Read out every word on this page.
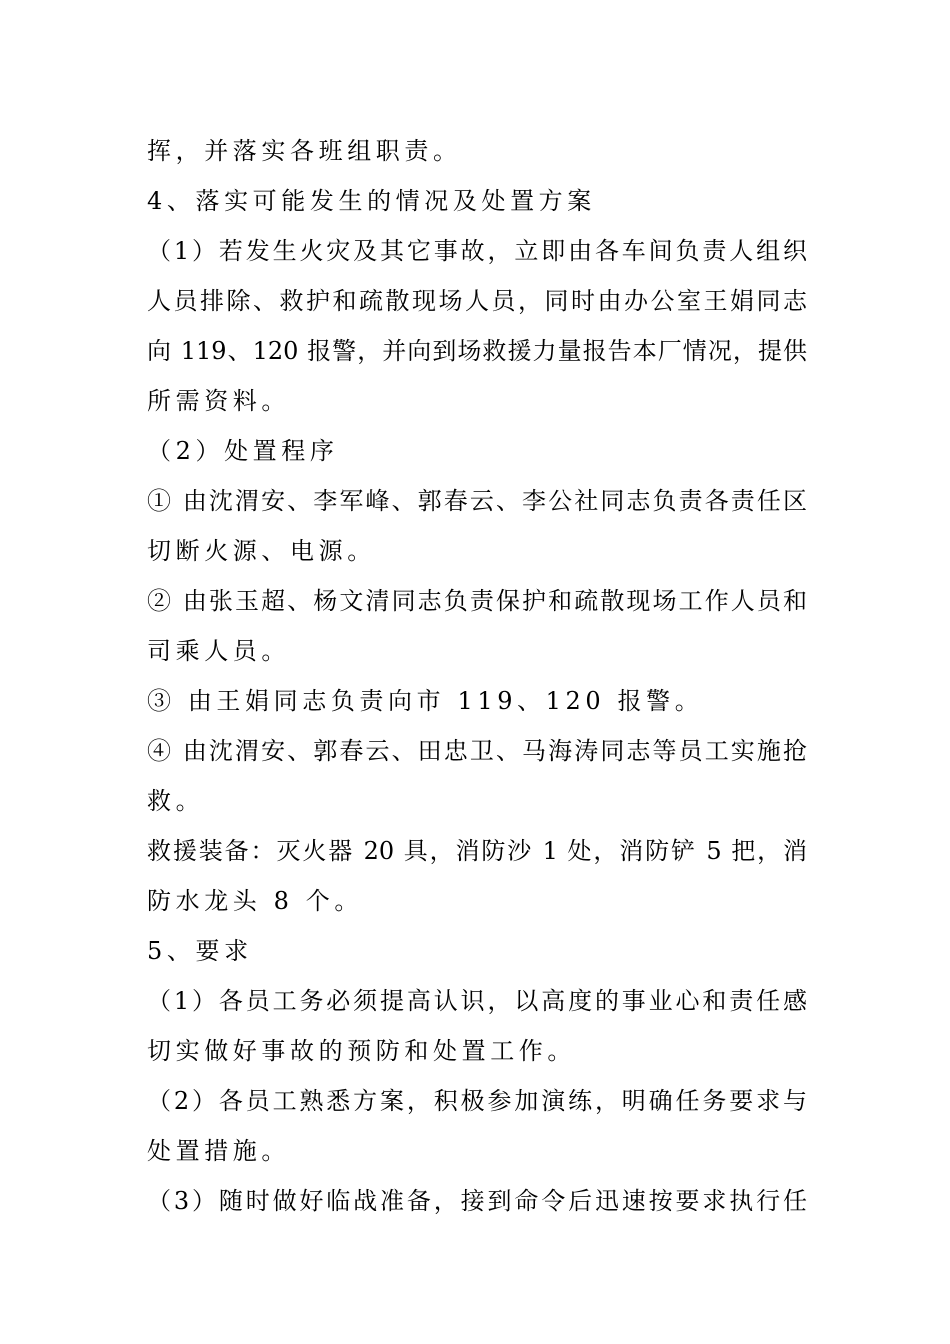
挥，并落实各班组职责。
4、落实可能发生的情况及处置方案
（1）若发生火灾及其它事故，立即由各车间负责人组织
人员排除、救护和疏散现场人员，同时由办公室王娟同志
向 119、120 报警，并向到场救援力量报告本厂情况，提供
所需资料。
（2）处置程序
① 由沈渭安、李军峰、郭春云、李公社同志负责各责任区
切断火源、电源。
② 由张玉超、杨文清同志负责保护和疏散现场工作人员和
司乘人员。
③ 由王娟同志负责向市 119、120 报警。
④ 由沈渭安、郭春云、田忠卫、马海涛同志等员工实施抢
救。
救援装备：灭火器 20 具，消防沙 1 处，消防铲 5 把，消
防水龙头 8 个。
5、要求
（1）各员工务必须提高认识，以高度的事业心和责任感
切实做好事故的预防和处置工作。
（2）各员工熟悉方案，积极参加演练，明确任务要求与
处置措施。
（3）随时做好临战准备，接到命令后迅速按要求执行任
